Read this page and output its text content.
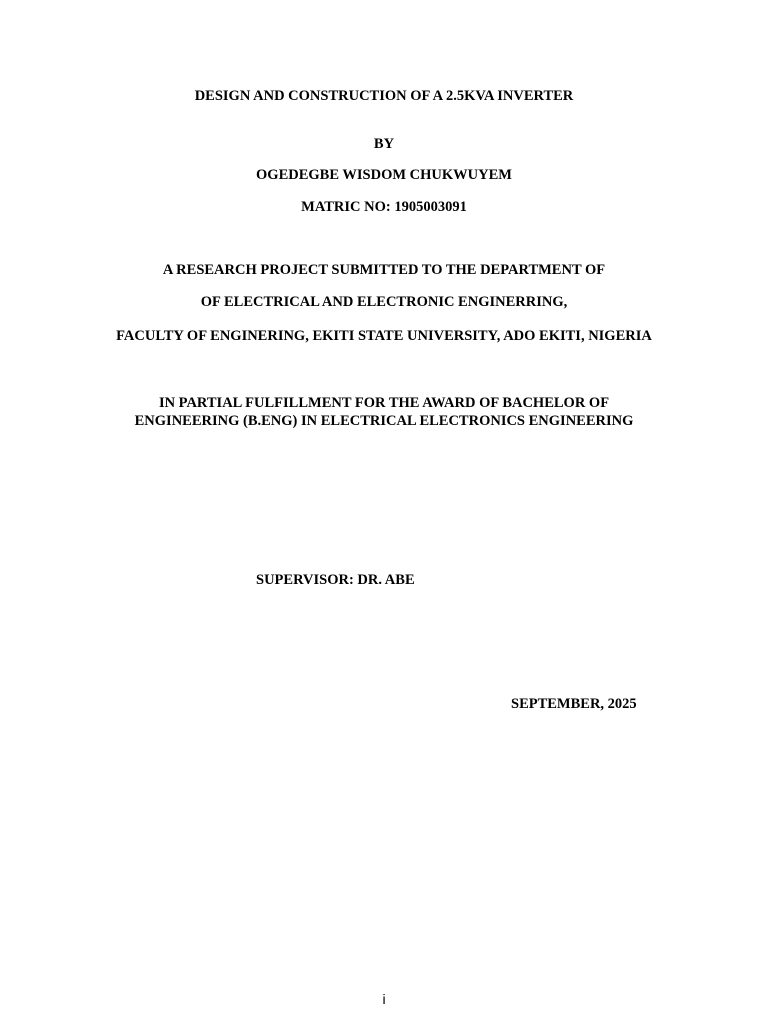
DESIGN AND CONSTRUCTION OF A 2.5KVA INVERTER
BY
OGEDEGBE WISDOM CHUKWUYEM
MATRIC NO: 1905003091
A RESEARCH PROJECT SUBMITTED TO THE DEPARTMENT OF
OF ELECTRICAL AND ELECTRONIC ENGINERRING,
FACULTY OF ENGINERING, EKITI STATE UNIVERSITY, ADO EKITI, NIGERIA
IN PARTIAL FULFILLMENT FOR THE AWARD OF BACHELOR OF
ENGINEERING (B.ENG) IN ELECTRICAL ELECTRONICS ENGINEERING
SUPERVISOR: DR. ABE
SEPTEMBER, 2025
i
